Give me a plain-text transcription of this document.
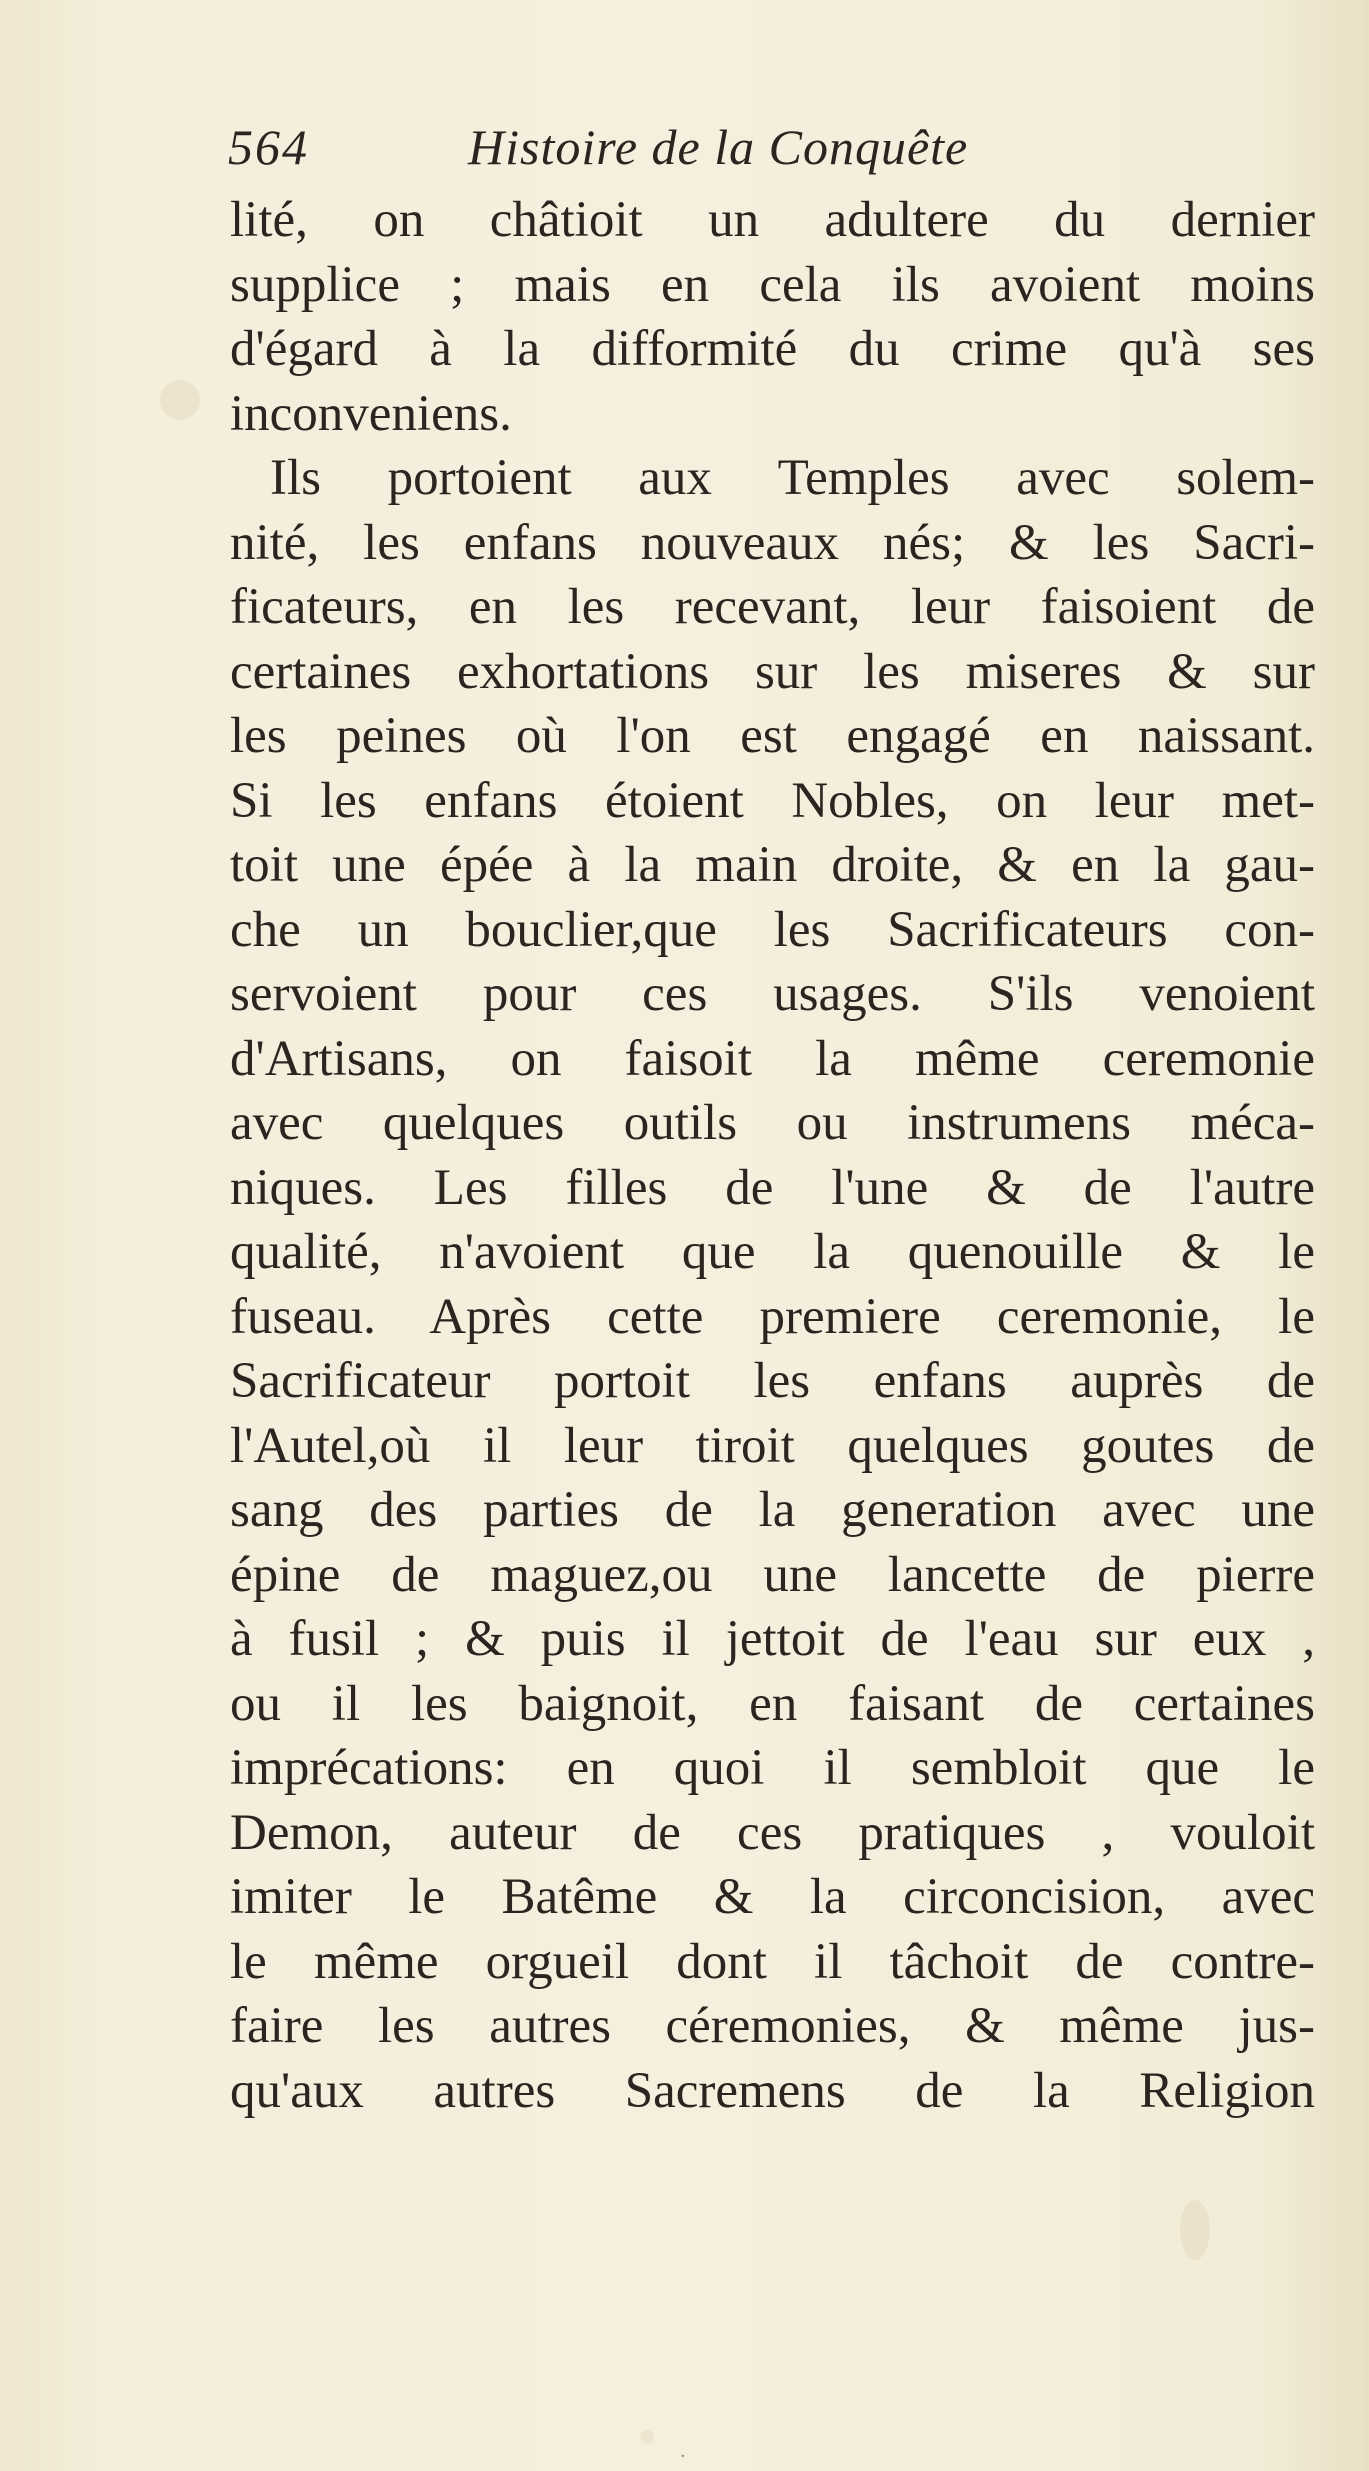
564	Histoire de la Conquête
lité, on châtioit un adultere du dernier
supplice ; mais en cela ils avoient moins
d'égard à la difformité du crime qu'à ses
inconveniens.
Ils portoient aux Temples avec solem-
nité, les enfans nouveaux nés; & les Sacri-
ficateurs, en les recevant, leur faisoient de
certaines exhortations sur les miseres & sur
les peines où l'on est engagé en naissant.
Si les enfans étoient Nobles, on leur met-
toit une épée à la main droite, & en la gau-
che un bouclier,que les Sacrificateurs con-
servoient pour ces usages. S'ils venoient
d'Artisans, on faisoit la même ceremonie
avec quelques outils ou instrumens méca-
niques. Les filles de l'une & de l'autre
qualité, n'avoient que la quenouille & le
fuseau. Après cette premiere ceremonie, le
Sacrificateur portoit les enfans auprès de
l'Autel,où il leur tiroit quelques goutes de
sang des parties de la generation avec une
épine de maguez,ou une lancette de pierre
à fusil ; & puis il jettoit de l'eau sur eux ,
ou il les baignoit, en faisant de certaines
imprécations: en quoi il sembloit que le
Demon, auteur de ces pratiques , vouloit
imiter le Batême & la circoncision, avec
le même orgueil dont il tâchoit de contre-
faire les autres céremonies, & même jus-
qu'aux autres Sacremens de la Religion
·
